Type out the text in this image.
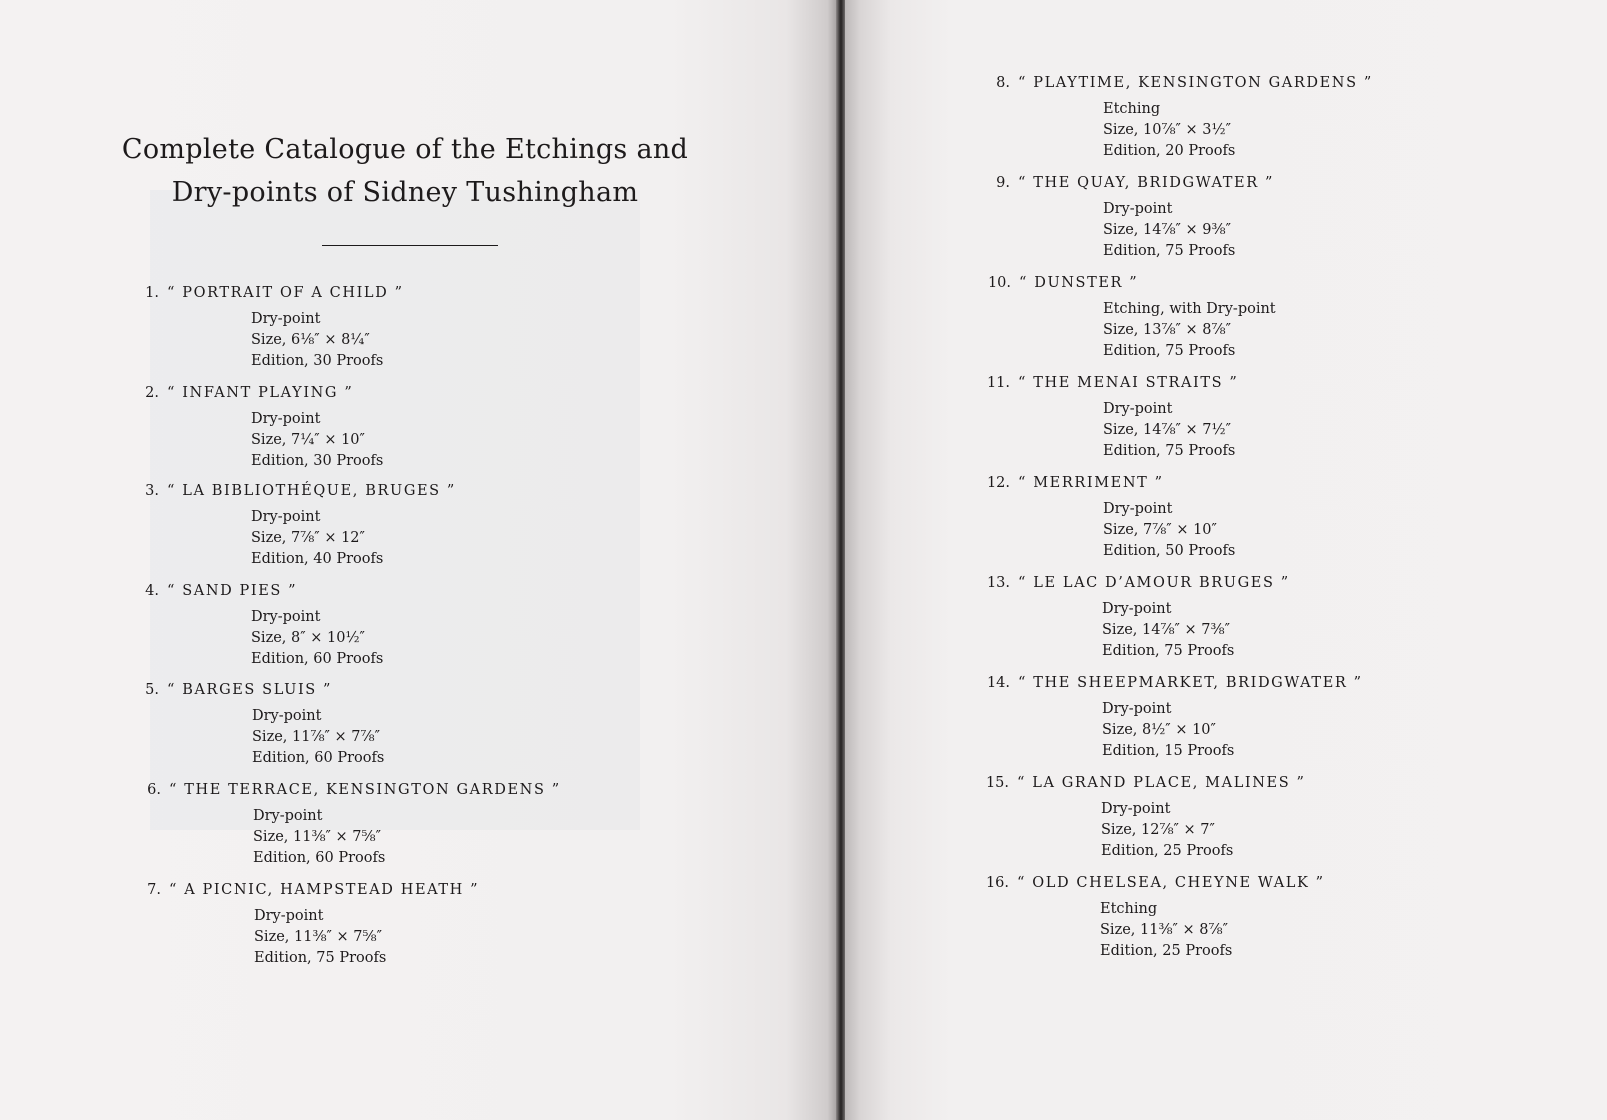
Complete Catalogue of the Etchings and
Dry-points of Sidney Tushingham
1. “ PORTRAIT OF A CHILD ”
Dry-point
Size, 6⅛″ × 8¼″
Edition, 30 Proofs
2. “ INFANT PLAYING ”
Dry-point
Size, 7¼″ × 10″
Edition, 30 Proofs
3. “ LA BIBLIOTHÉQUE, BRUGES ”
Dry-point
Size, 7⅞″ × 12″
Edition, 40 Proofs
4. “ SAND PIES ”
Dry-point
Size, 8″ × 10½″
Edition, 60 Proofs
5. “ BARGES SLUIS ”
Dry-point
Size, 11⅞″ × 7⅞″
Edition, 60 Proofs
6. “ THE TERRACE, KENSINGTON GARDENS ”
Dry-point
Size, 11⅜″ × 7⅝″
Edition, 60 Proofs
7. “ A PICNIC, HAMPSTEAD HEATH ”
Dry-point
Size, 11⅜″ × 7⅝″
Edition, 75 Proofs
8. “ PLAYTIME, KENSINGTON GARDENS ”
Etching
Size, 10⅞″ × 3½″
Edition, 20 Proofs
9. “ THE QUAY, BRIDGWATER ”
Dry-point
Size, 14⅞″ × 9⅜″
Edition, 75 Proofs
10. “ DUNSTER ”
Etching, with Dry-point
Size, 13⅞″ × 8⅞″
Edition, 75 Proofs
11. “ THE MENAI STRAITS ”
Dry-point
Size, 14⅞″ × 7½″
Edition, 75 Proofs
12. “ MERRIMENT ”
Dry-point
Size, 7⅞″ × 10″
Edition, 50 Proofs
13. “ LE LAC D’AMOUR BRUGES ”
Dry-point
Size, 14⅞″ × 7⅜″
Edition, 75 Proofs
14. “ THE SHEEPMARKET, BRIDGWATER ”
Dry-point
Size, 8½″ × 10″
Edition, 15 Proofs
15. “ LA GRAND PLACE, MALINES ”
Dry-point
Size, 12⅞″ × 7″
Edition, 25 Proofs
16. “ OLD CHELSEA, CHEYNE WALK ”
Etching
Size, 11⅜″ × 8⅞″
Edition, 25 Proofs
